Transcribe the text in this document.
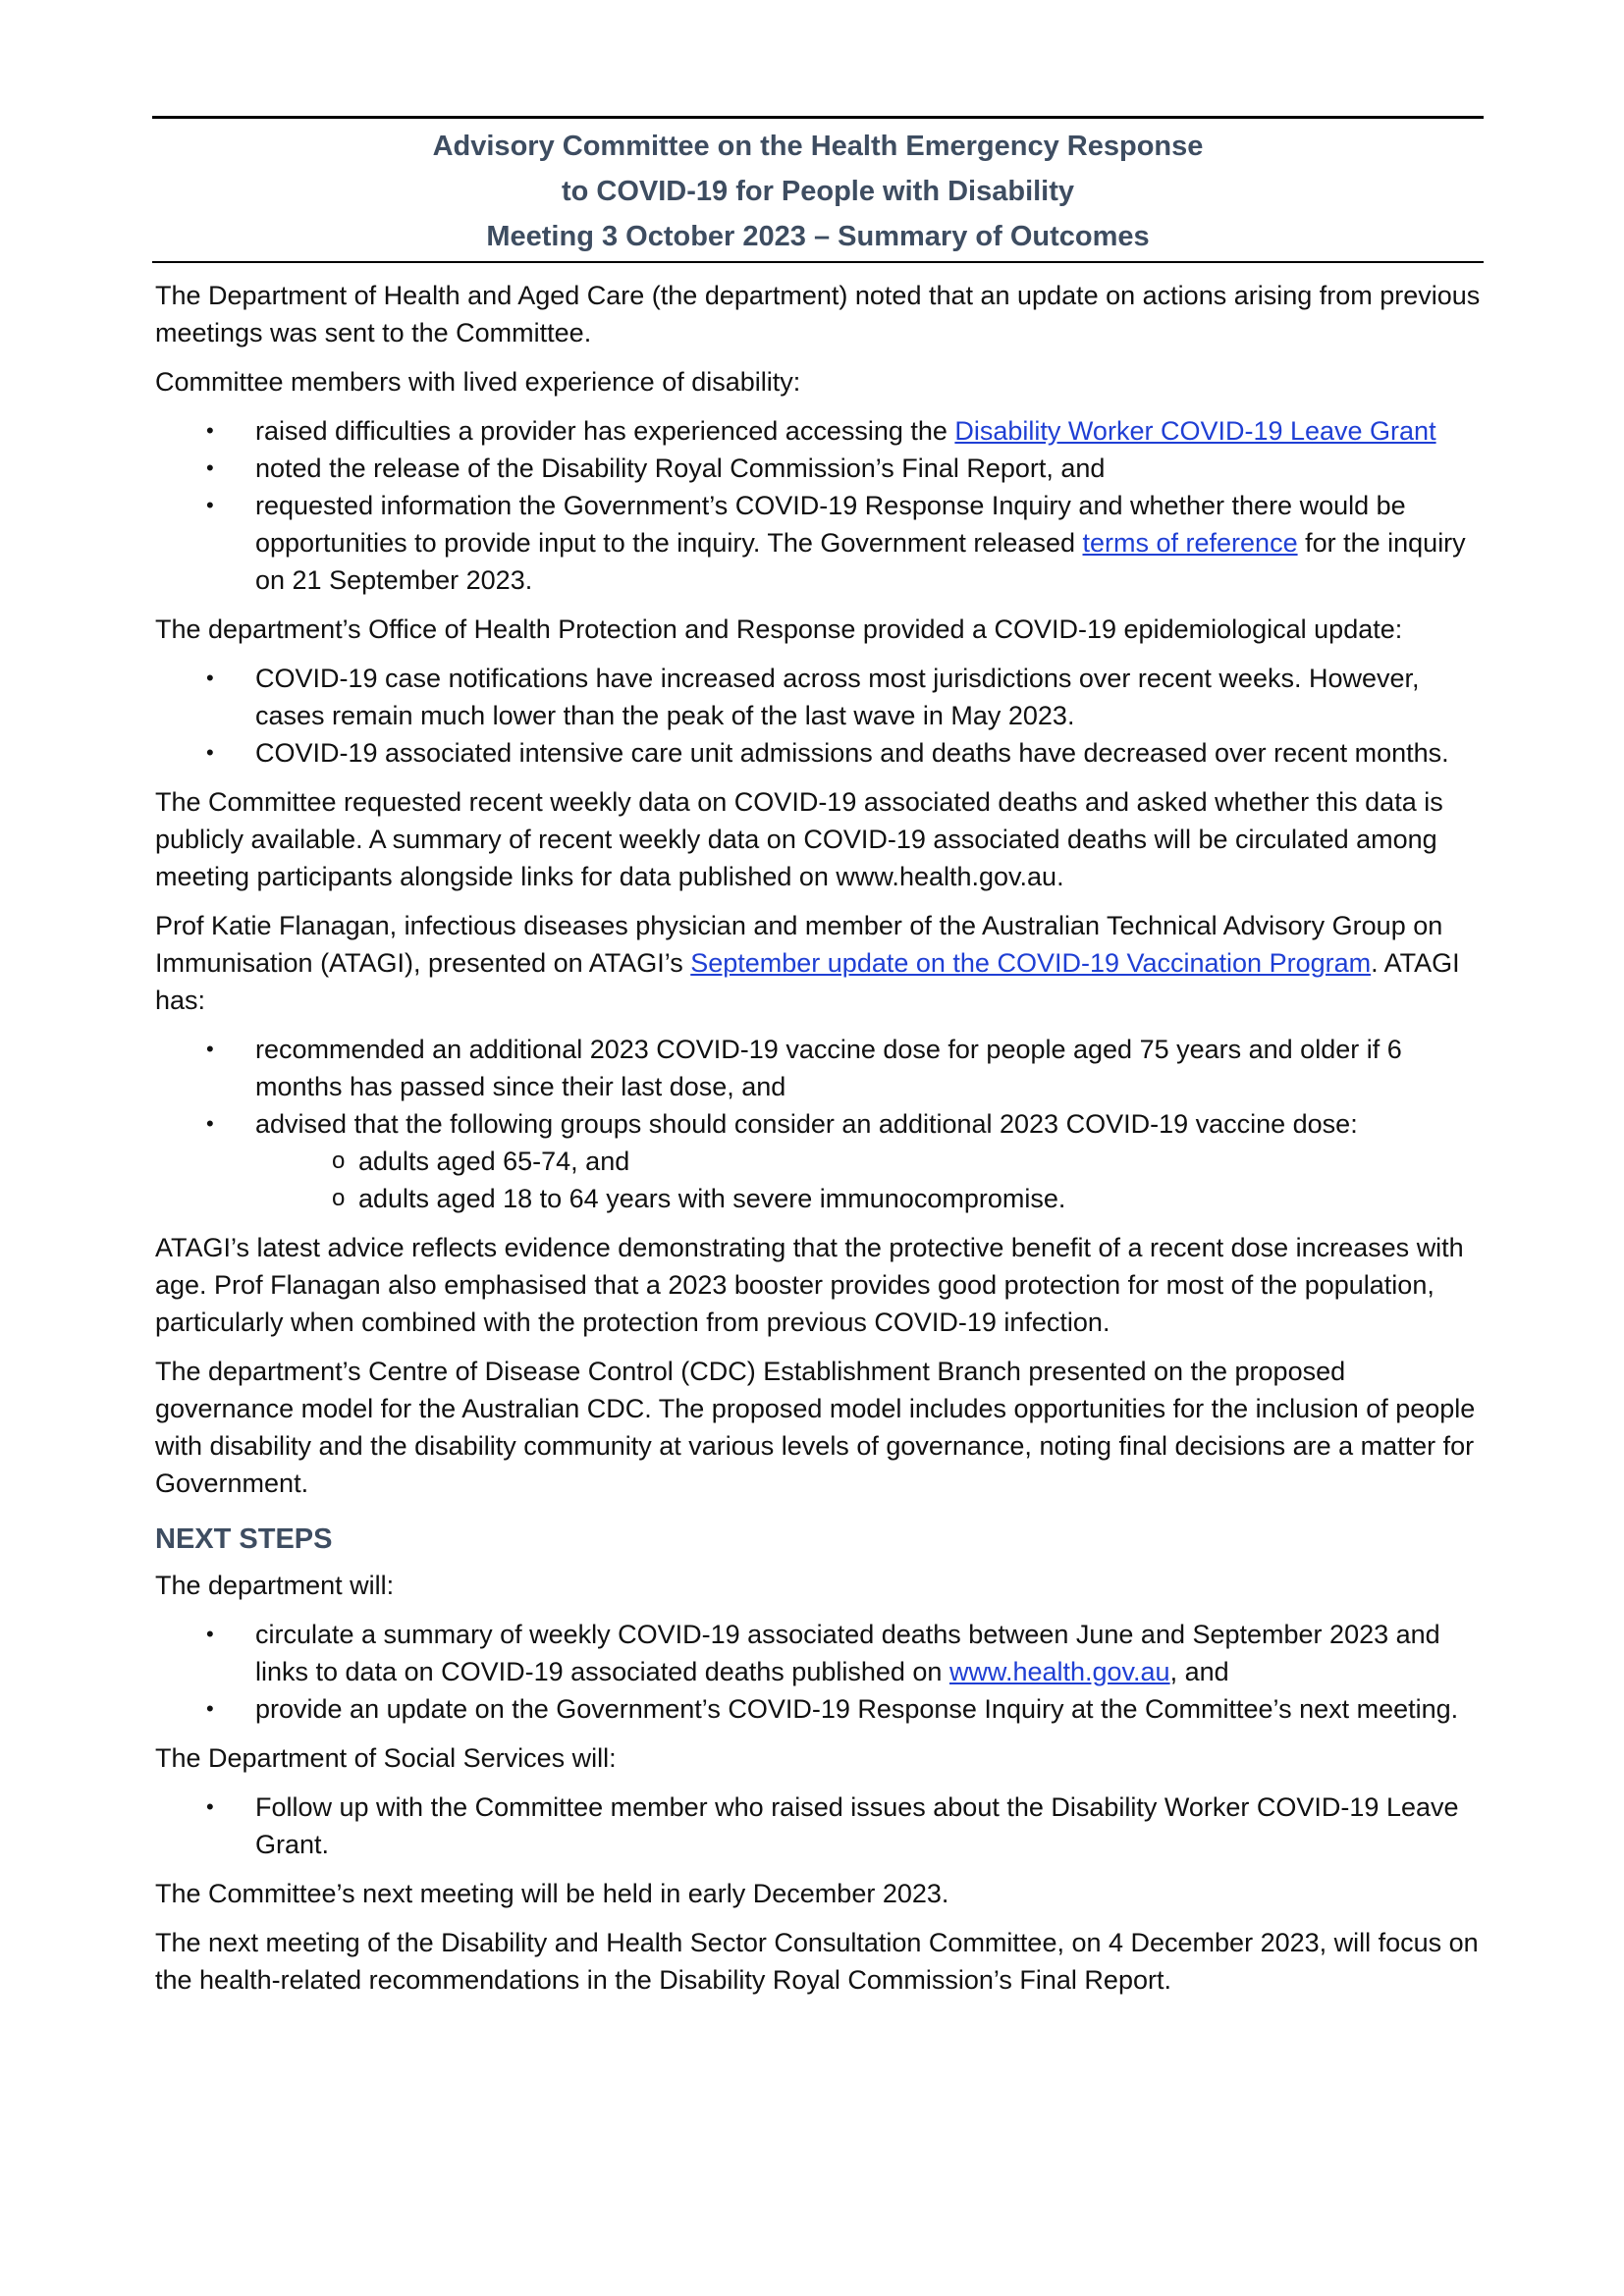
Advisory Committee on the Health Emergency Response
to COVID-19 for People with Disability
Meeting 3 October 2023 – Summary of Outcomes

The Department of Health and Aged Care (the department) noted that an update on actions arising from previous meetings was sent to the Committee.

Committee members with lived experience of disability:

• raised difficulties a provider has experienced accessing the Disability Worker COVID-19 Leave Grant
• noted the release of the Disability Royal Commission’s Final Report, and
• requested information the Government’s COVID-19 Response Inquiry and whether there would be opportunities to provide input to the inquiry. The Government released terms of reference for the inquiry on 21 September 2023.

The department’s Office of Health Protection and Response provided a COVID-19 epidemiological update:

• COVID-19 case notifications have increased across most jurisdictions over recent weeks. However, cases remain much lower than the peak of the last wave in May 2023.
• COVID-19 associated intensive care unit admissions and deaths have decreased over recent months.

The Committee requested recent weekly data on COVID-19 associated deaths and asked whether this data is publicly available. A summary of recent weekly data on COVID-19 associated deaths will be circulated among meeting participants alongside links for data published on www.health.gov.au.

Prof Katie Flanagan, infectious diseases physician and member of the Australian Technical Advisory Group on Immunisation (ATAGI), presented on ATAGI’s September update on the COVID-19 Vaccination Program. ATAGI has:

• recommended an additional 2023 COVID-19 vaccine dose for people aged 75 years and older if 6 months has passed since their last dose, and
• advised that the following groups should consider an additional 2023 COVID-19 vaccine dose:
o adults aged 65-74, and
o adults aged 18 to 64 years with severe immunocompromise.

ATAGI’s latest advice reflects evidence demonstrating that the protective benefit of a recent dose increases with age. Prof Flanagan also emphasised that a 2023 booster provides good protection for most of the population, particularly when combined with the protection from previous COVID-19 infection.

The department’s Centre of Disease Control (CDC) Establishment Branch presented on the proposed governance model for the Australian CDC. The proposed model includes opportunities for the inclusion of people with disability and the disability community at various levels of governance, noting final decisions are a matter for Government.

NEXT STEPS

The department will:

• circulate a summary of weekly COVID-19 associated deaths between June and September 2023 and links to data on COVID-19 associated deaths published on www.health.gov.au, and
• provide an update on the Government’s COVID-19 Response Inquiry at the Committee’s next meeting.

The Department of Social Services will:

• Follow up with the Committee member who raised issues about the Disability Worker COVID-19 Leave Grant.

The Committee’s next meeting will be held in early December 2023.

The next meeting of the Disability and Health Sector Consultation Committee, on 4 December 2023, will focus on the health-related recommendations in the Disability Royal Commission’s Final Report.
